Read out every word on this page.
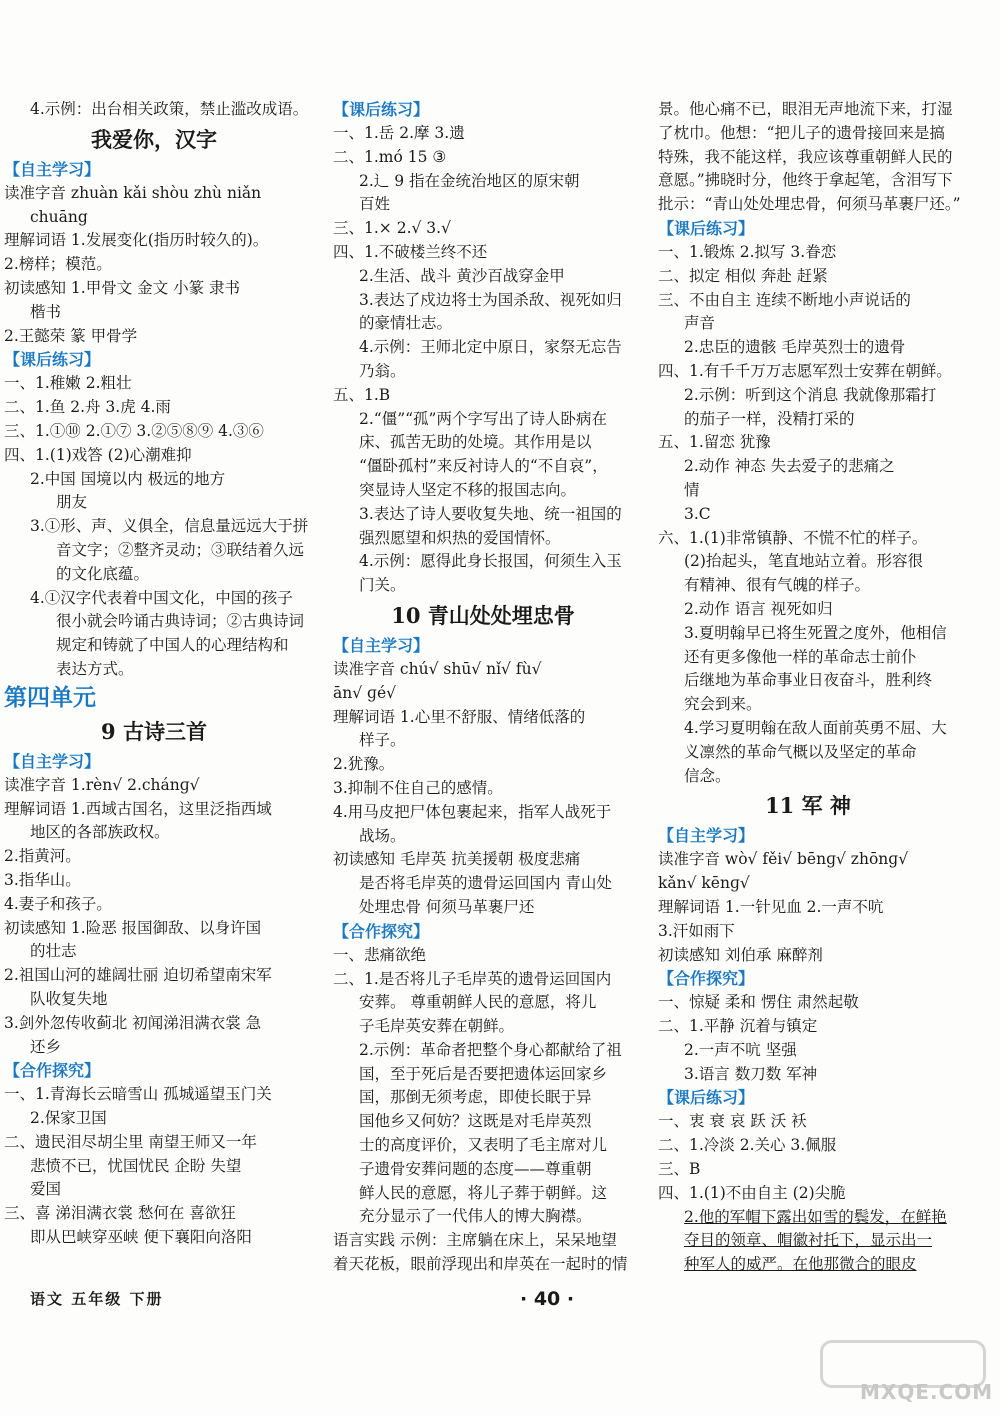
4.示例：出台相关政策，禁止滥改成语。
我爱你，汉字
【 自主学习 】
读准字音 zhuàn kǎi shòu zhù niǎn
chuāng
理解词语 1.发展变化(指历时较久的)。
2.榜样；模范。
初读感知 1.甲骨文 金文 小篆 隶书
楷书
2.王懿荣 篆 甲骨学
【 课后练习 】
一、1.稚嫩 2.粗壮
二、1.鱼 2.舟 3.虎 4.雨
三、1.①⑩ 2.①⑦ 3.②⑤⑧⑨ 4.③⑥
四、1.(1)戏答 (2)心潮难抑
2.中国 国境以内 极远的地方
朋友
3.①形、声、义俱全，信息量远远大于拼
音文字；②整齐灵动；③联结着久远
的文化底蕴。
4.①汉字代表着中国文化，中国的孩子
很小就会吟诵古典诗词；②古典诗词
规定和铸就了中国人的心理结构和
表达方式。
第四单元
9 古诗三首
【 自主学习 】
读准字音 1.rèn√ 2.chánɡ√
理解词语 1.西域古国名，这里泛指西域
地区的各部族政权。
2.指黄河。
3.指华山。
4.妻子和孩子。
初读感知 1.险恶 报国御敌、以身许国
的壮志
2.祖国山河的雄阔壮丽 迫切希望南宋军
队收复失地
3.剑外忽传收蓟北 初闻涕泪满衣裳 急
还乡
【 合作探究 】
一、1.青海长云暗雪山 孤城遥望玉门关
2.保家卫国
二、遗民泪尽胡尘里 南望王师又一年
悲愤不已，忧国忧民 企盼 失望
爱国
三、喜 涕泪满衣裳 愁何在 喜欲狂
即从巴峡穿巫峡 便下襄阳向洛阳
【 课后练习 】
一、1.岳 2.摩 3.遗
二、1.mó 15 ③
2.辶 9 指在金统治地区的原宋朝
百姓
三、1.× 2.√ 3.√
四、1.不破楼兰终不还
2.生活、战斗 黄沙百战穿金甲
3.表达了戍边将士为国杀敌、视死如归
的豪情壮志。
4.示例：王师北定中原日，家祭无忘告
乃翁。
五、1.B
2.“僵”“孤”两个字写出了诗人卧病在
床、孤苦无助的处境。其作用是以
“僵卧孤村”来反衬诗人的“不自哀”，
突显诗人坚定不移的报国志向。
3.表达了诗人要收复失地、统一祖国的
强烈愿望和炽热的爱国情怀。
4.示例：愿得此身长报国，何须生入玉
门关。
10 青山处处埋忠骨
【 自主学习 】
读准字音 chú√ shū√ nǐ√ fù√
ān√ ɡé√
理解词语 1.心里不舒服、情绪低落的
样子。
2.犹豫。
3.抑制不住自己的感情。
4.用马皮把尸体包裹起来，指军人战死于
战场。
初读感知 毛岸英 抗美援朝 极度悲痛
是否将毛岸英的遗骨运回国内 青山处
处埋忠骨 何须马革裹尸还
【 合作探究 】
一、悲痛欲绝
二、1.是否将儿子毛岸英的遗骨运回国内
安葬。 尊重朝鲜人民的意愿，将儿
子毛岸英安葬在朝鲜。
2.示例：革命者把整个身心都献给了祖
国，至于死后是否要把遗体运回家乡
国，那倒无须考虑，即使长眠于异
国他乡又何妨？这既是对毛岸英烈
士的高度评价，又表明了毛主席对儿
子遗骨安葬问题的态度——尊重朝
鲜人民的意愿，将儿子葬于朝鲜。这
充分显示了一代伟人的博大胸襟。
语言实践 示例：主席躺在床上，呆呆地望
着天花板，眼前浮现出和岸英在一起时的情
景。他心痛不已，眼泪无声地流下来，打湿
了枕巾。他想：“把儿子的遗骨接回来是搞
特殊，我不能这样，我应该尊重朝鲜人民的
意愿。”拂晓时分，他终于拿起笔，含泪写下
批示：“青山处处埋忠骨，何须马革裹尸还。”
【 课后练习 】
一、1.锻炼 2.拟写 3.眷恋
二、拟定 相似 奔赴 赶紧
三、不由自主 连续不断地小声说话的
声音
2.忠臣的遗骸 毛岸英烈士的遗骨
四、1.有千千万万志愿军烈士安葬在朝鲜。
2.示例：听到这个消息 我就像那霜打
的茄子一样，没精打采的
五、1.留恋 犹豫
2.动作 神态 失去爱子的悲痛之
情
3.C
六、1.(1)非常镇静、不慌不忙的样子。
(2)抬起头，笔直地站立着。形容很
有精神、很有气魄的样子。
2.动作 语言 视死如归
3.夏明翰早已将生死置之度外，他相信
还有更多像他一样的革命志士前仆
后继地为革命事业日夜奋斗，胜利终
究会到来。
4.学习夏明翰在敌人面前英勇不屈、大
义凛然的革命气概以及坚定的革命
信念。
11 军 神
【 自主学习 】
读准字音 wò√ fěi√ bēnɡ√ zhōnɡ√
kǎn√ kēnɡ√
理解词语 1.一针见血 2.一声不吭
3.汗如雨下
初读感知 刘伯承 麻醉剂
【 合作探究 】
一、惊疑 柔和 愣住 肃然起敬
二、1.平静 沉着与镇定
2.一声不吭 坚强
3.语言 数刀数 军神
【 课后练习 】
一、衷 衰 哀 跃 沃 袄
二、1.冷淡 2.关心 3.佩服
三、B
四、1.(1)不由自主 (2)尖脆
2.他的军帽下露出如雪的鬓发，在鲜艳
夺目的领章、帽徽衬托下，显示出一
种军人的威严。在他那微合的眼皮
语文 五年级 下册	· 40 ·
MXQE.COM
